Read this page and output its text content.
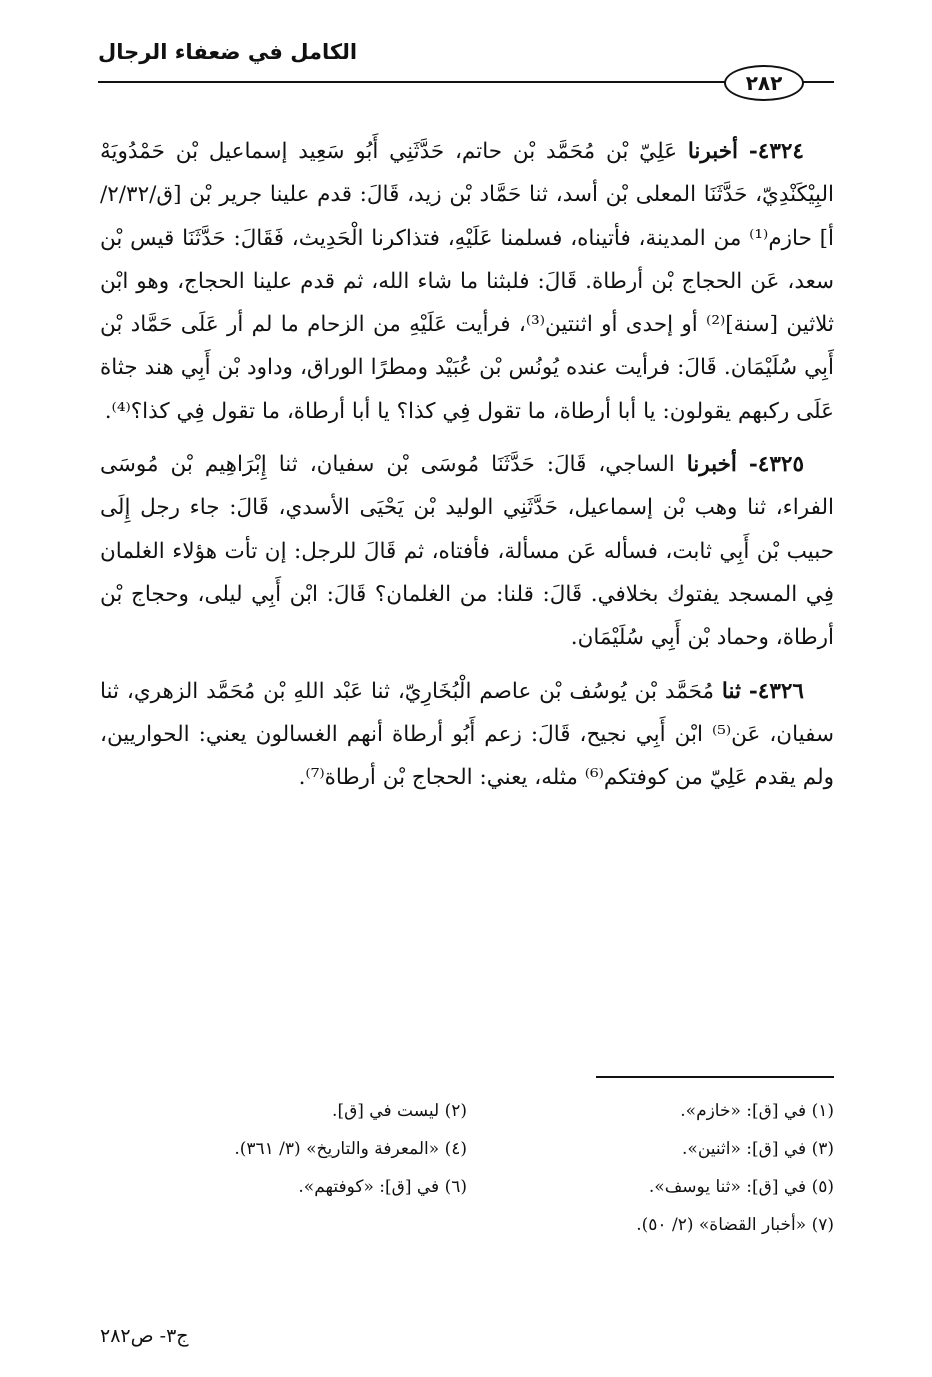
الكامل في ضعفاء الرجال
٢٨٢

٤٣٢٤- أخبرنا عَلِيّ بْن مُحَمَّد بْن حاتم، حَدَّثَنِي أَبُو سَعِيد إسماعيل بْن حَمْدُويَهْ البِيْكَنْدِيّ، حَدَّثَنَا المعلى بْن أسد، ثنا حَمَّاد بْن زيد، قَالَ: قدم علينا جرير بْن [ق/٢/٣٢/أ] حازم⁽¹⁾ من المدينة، فأتيناه، فسلمنا عَلَيْهِ، فتذاكرنا الْحَدِيث، فَقَالَ: حَدَّثَنَا قيس بْن سعد، عَن الحجاج بْن أرطاة. قَالَ: فلبثنا ما شاء الله، ثم قدم علينا الحجاج، وهو ابْن ثلاثين [سنة]⁽²⁾ أو إحدى أو اثنتين⁽³⁾، فرأيت عَلَيْهِ من الزحام ما لم أر عَلَى حَمَّاد بْن أَبِي سُلَيْمَان. قَالَ: فرأيت عنده يُونُس بْن عُبَيْد ومطرًا الوراق، وداود بْن أَبِي هند جثاة عَلَى ركبهم يقولون: يا أبا أرطاة، ما تقول فِي كذا؟ يا أبا أرطاة، ما تقول فِي كذا؟⁽⁴⁾.

٤٣٢٥- أخبرنا الساجي، قَالَ: حَدَّثَنَا مُوسَى بْن سفيان، ثنا إِبْرَاهِيم بْن مُوسَى الفراء، ثنا وهب بْن إسماعيل، حَدَّثَنِي الوليد بْن يَحْيَى الأسدي، قَالَ: جاء رجل إِلَى حبيب بْن أَبِي ثابت، فسأله عَن مسألة، فأفتاه، ثم قَالَ للرجل: إن تأت هؤلاء الغلمان فِي المسجد يفتوك بخلافي. قَالَ: قلنا: من الغلمان؟ قَالَ: ابْن أَبِي ليلى، وحجاج بْن أرطاة، وحماد بْن أَبِي سُلَيْمَان.

٤٣٢٦- ثنا مُحَمَّد بْن يُوسُف بْن عاصم الْبُخَارِيّ، ثنا عَبْد اللهِ بْن مُحَمَّد الزهري، ثنا سفيان، عَن⁽⁵⁾ ابْن أَبِي نجيح، قَالَ: زعم أَبُو أرطاة أنهم الغسالون يعني: الحواريين، ولم يقدم عَلِيّ من كوفتكم⁽⁶⁾ مثله، يعني: الحجاج بْن أرطاة⁽⁷⁾.

(١) في [ق]: «خازم».
(٢) ليست في [ق].
(٣) في [ق]: «اثنين».
(٤) «المعرفة والتاريخ» (٣/ ٣٦١).
(٥) في [ق]: «ثنا يوسف».
(٦) في [ق]: «كوفتهم».
(٧) «أخبار القضاة» (٢/ ٥٠).
ج٣- ص٢٨٢
